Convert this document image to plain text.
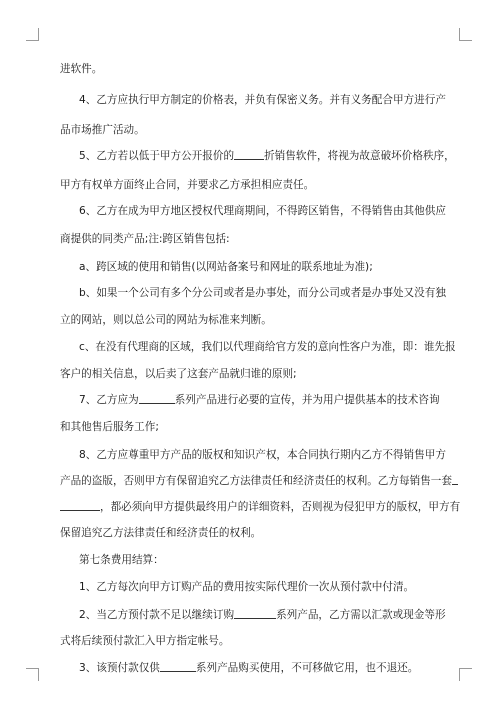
进软件。
4、乙方应执行甲方制定的价格表，并负有保密义务。并有义务配合甲方进行产
品市场推广活动。
5、乙方若以低于甲方公开报价的	折销售软件，将视为故意破坏价格秩序，
甲方有权单方面终止合同，并要求乙方承担相应责任。
6、乙方在成为甲方地区授权代理商期间，不得跨区销售，不得销售由其他供应
商提供的同类产品;注:跨区销售包括:
a、跨区域的使用和销售(以网站备案号和网址的联系地址为准);
b、如果一个公司有多个分公司或者是办事处，而分公司或者是办事处又没有独
立的网站，则以总公司的网站为标准来判断。
c、在没有代理商的区域，我们以代理商给官方发的意向性客户为准，即：谁先报
客户的相关信息，以后卖了这套产品就归谁的原则;
7、乙方应为	系列产品进行必要的宣传，并为用户提供基本的技术咨询
和其他售后服务工作;
8、乙方应尊重甲方产品的版权和知识产权，本合同执行期内乙方不得销售甲方
产品的盗版，否则甲方有保留追究乙方法律责任和经济责任的权利。乙方每销售一套
，都必须向甲方提供最终用户的详细资料，否则视为侵犯甲方的版权，甲方有
保留追究乙方法律责任和经济责任的权利。
第七条费用结算：
1、乙方每次向甲方订购产品的费用按实际代理价一次从预付款中付清。
2、当乙方预付款不足以继续订购	系列产品，乙方需以汇款或现金等形
式将后续预付款汇入甲方指定帐号。
3、该预付款仅供	系列产品购买使用，不可移做它用，也不退还。
